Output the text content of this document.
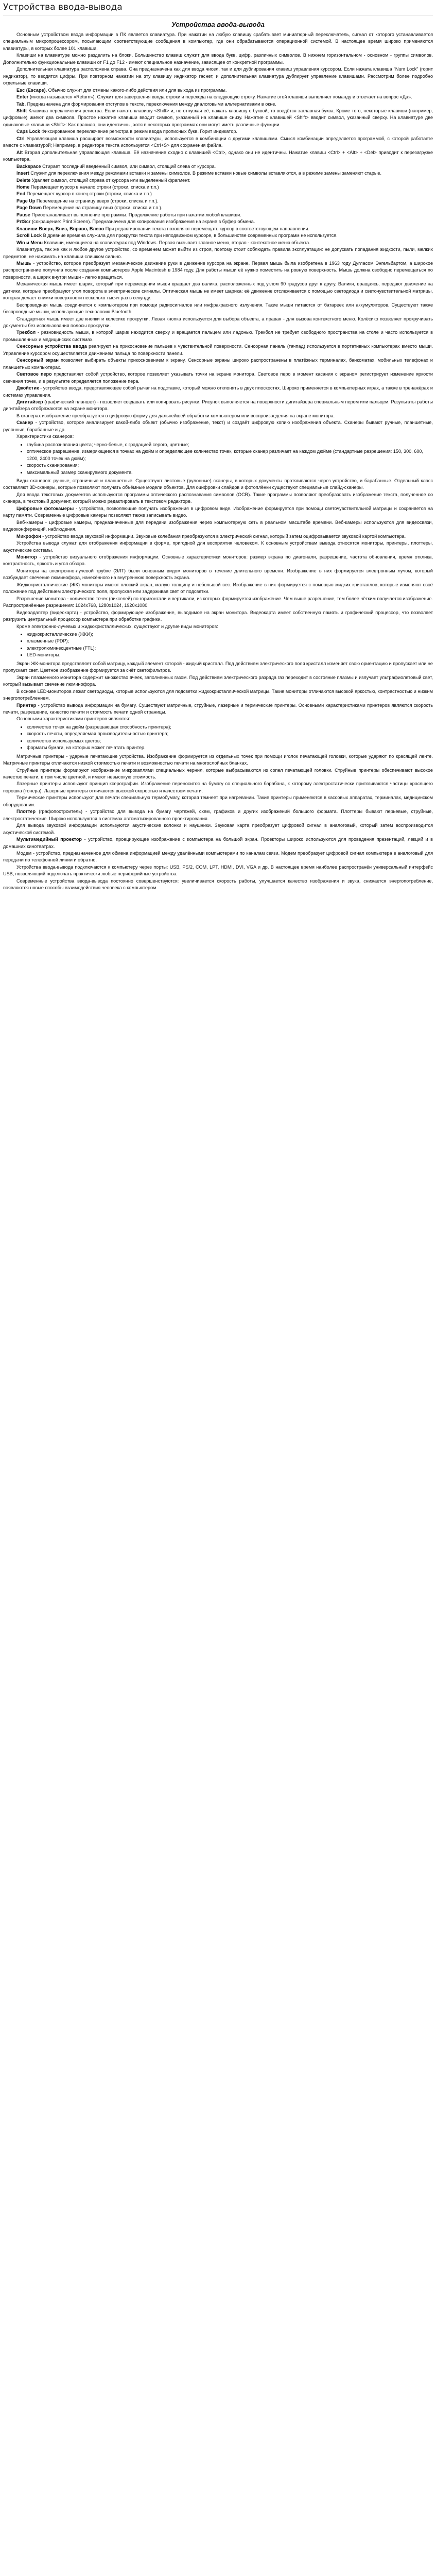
Устройства ввода-вывода
Устройства ввода-вывода

Основным устройством ввода информации в ПК является клавиатура. При нажатии на любую клавишу срабатывает миниатюрный переключатель, сигнал от которого устанавливается специальным микропроцессором, посылающим соответствующие сообщения в компьютер, где они обрабатываются операционной системой. В настоящее время широко применяются клавиатуры, в которых более 101 клавиши.

Клавиши на клавиатуре можно разделить на блоки. Большинство клавиш служит для ввода букв, цифр, различных символов. В нижнем горизонтальном - основном - группы символов. Дополнительно функциональные клавиши от F1 до F12 - имеют специальное назначение, зависящее от конкретной программы.

Дополнительная клавиатура расположена справа. Она предназначена как для ввода чисел, так и для дублирования клавиш управления курсором. Если нажата клавиша "Num Lock" (горит индикатор), то вводятся цифры. При повторном нажатии на эту клавишу индикатор гаснет, и дополнительная клавиатура дублирует управление клавишами. Рассмотрим более подробно отдельные клавиши.

Esc (Escape). Обычно служит для отмены какого-либо действия или для выхода из программы.

Enter (иногда называется «Return»). Служит для завершения ввода строки и перехода на следующую строку. Нажатие этой клавиши выполняет команду и отвечает на вопрос «Да».

Tab. Предназначена для формирования отступов в тексте, переключения между диалоговыми альтернативами в окне.

Shift Клавиша переключения регистра. Если нажать клавишу <Shift> и, не отпуская её, нажать клавишу с буквой, то введётся заглавная буква. Кроме того, некоторые клавиши (например, цифровые) имеют два символа. Простое нажатие клавиши вводит символ, указанный на клавише снизу. Нажатие с клавишей <Shift> вводит символ, указанный сверху. На клавиатуре две одинаковые клавиши <Shift>: Как правило, они идентичны, хотя в некоторых программах они могут иметь различные функции.

Caps Lock Фиксированное переключение регистра в режим ввода прописных букв. Горит индикатор.

Ctrl Управляющая клавиша расширяет возможности клавиатуры, используется в комбинации с другими клавишами. Смысл комбинации определяется программой, с которой работаете вместе с клавиатурой; Например, в редакторе текста используется <Ctrl+S> для сохранения файла.

Alt Вторая дополнительная управляющая клавиша. Её назначение сходно с клавишей <Ctrl>, однако они не идентичны. Нажатие клавиш <Ctrl> + <Alt> + <Del> приводит к перезагрузке компьютера.

Backspace Стирает последний введённый символ, или символ, стоящий слева от курсора.

Insert Служит для переключения между режимами вставки и замены символов. В режиме вставки новые символы вставляются, а в режиме замены заменяют старые.

Delete Удаляет символ, стоящий справа от курсора или выделенный фрагмент.

Home Перемещает курсор в начало строки (строки, списка и т.п.)

End Перемещает курсор в конец строки (строки, списка и т.п.)

Page Up Перемещение на страницу вверх (строки, списка и т.п.).

Page Down Перемещение на страницу вниз (строки, списка и т.п.).

Pause Приостанавливает выполнение программы. Продолжение работы при нажатии любой клавиши.

PrtScr (сокращение: Print Screen). Предназначена для копирования изображения на экране в буфер обмена.

Клавиши Вверх, Вниз, Вправо, Влево При редактировании текста позволяют перемещать курсор в соответствующем направлении.

Scroll Lock В древние времена служила для прокрутки текста при неподвижном курсоре, в большинстве современных программ не используется.

Win и Menu Клавиши, имеющиеся на клавиатурах под Windows. Первая вызывает главное меню, вторая - контекстное меню объекта.

Клавиатура, так же как и любое другое устройство, со временем может выйти из строя, поэтому стоит соблюдать правила эксплуатации: не допускать попадания жидкости, пыли, мелких предметов, не нажимать на клавиши слишком сильно.

Мышь - устройство, которое преобразует механическое движение руки в движение курсора на экране. Первая мышь была изобретена в 1963 году Дугласом Энгельбартом, а широкое распространение получила после создания компьютеров Apple Macintosh в 1984 году. Для работы мыши её нужно поместить на ровную поверхность. Мышь должна свободно перемещаться по поверхности, а шарик внутри мыши - легко вращаться.

Механическая мышь имеет шарик, который при перемещении мыши вращает два валика, расположенных под углом 90 градусов друг к другу. Валики, вращаясь, передают движение на датчики, которые преобразуют угол поворота в электрические сигналы. Оптическая мышь не имеет шарика: её движение отслеживается с помощью светодиода и светочувствительной матрицы, которая делает снимки поверхности несколько тысяч раз в секунду.

Беспроводная мышь соединяется с компьютером при помощи радиосигналов или инфракрасного излучения. Такие мыши питаются от батареек или аккумуляторов. Существуют также беспроводные мыши, использующие технологию Bluetooth.

Стандартная мышь имеет две кнопки и колесико прокрутки. Левая кнопка используется для выбора объекта, а правая - для вызова контекстного меню. Колёсико позволяет прокручивать документы без использования полосы прокрутки.

Трекбол - разновидность мыши, в которой шарик находится сверху и вращается пальцем или ладонью. Трекбол не требует свободного пространства на столе и часто используется в промышленных и медицинских системах.

Сенсорные устройства ввода реагируют на прикосновение пальцев к чувствительной поверхности. Сенсорная панель (тачпад) используется в портативных компьютерах вместо мыши. Управление курсором осуществляется движением пальца по поверхности панели.

Сенсорный экран позволяет выбирать объекты прикосновением к экрану. Сенсорные экраны широко распространены в платёжных терминалах, банкоматах, мобильных телефонах и планшетных компьютерах.

Световое перо представляет собой устройство, которое позволяет указывать точки на экране монитора. Световое перо в момент касания с экраном регистрирует изменение яркости свечения точек, и в результате определяется положение пера.

Джойстик - устройство ввода, представляющее собой рычаг на подставке, который можно отклонять в двух плоскостях. Широко применяется в компьютерных играх, а также в тренажёрах и системах управления.

Дигитайзер (графический планшет) - позволяет создавать или копировать рисунки. Рисунок выполняется на поверхности дигитайзера специальным пером или пальцем. Результаты работы дигитайзера отображаются на экране монитора.

В сканерах изображение преобразуется в цифровую форму для дальнейшей обработки компьютером или воспроизведения на экране монитора.

Сканер - устройство, которое анализирует какой-либо объект (обычно изображение, текст) и создаёт цифровую копию изображения объекта. Сканеры бывают ручные, планшетные, рулонные, барабанные и др.

Характеристики сканеров:

• глубина распознавания цвета; черно-белые, с градацией серого, цветные;
• оптическое разрешение, измеряющееся в точках на дюйм и определяющее количество точек, которые сканер различает на каждом дюйме (стандартные разрешения: 150, 300, 600, 1200, 2400 точек на дюйм);
• скорость сканирования;
• максимальный размер сканируемого документа.

Виды сканеров: ручные, страничные и планшетные. Существуют листовые (рулонные) сканеры, в которых документы протягиваются через устройство, и барабанные. Отдельный класс составляют 3D-сканеры, которые позволяют получать объёмные модели объектов. Для оцифровки слайдов и фотоплёнки существуют специальные слайд-сканеры.

Для ввода текстовых документов используются программы оптического распознавания символов (OCR). Такие программы позволяют преобразовать изображение текста, полученное со сканера, в текстовый документ, который можно редактировать в текстовом редакторе.

Цифровые фотокамеры - устройства, позволяющие получать изображения в цифровом виде. Изображение формируется при помощи светочувствительной матрицы и сохраняется на карту памяти. Современные цифровые камеры позволяют также записывать видео.

Веб-камеры - цифровые камеры, предназначенные для передачи изображения через компьютерную сеть в реальном масштабе времени. Веб-камеры используются для видеосвязи, видеоконференций, наблюдения.

Микрофон - устройство ввода звуковой информации. Звуковые колебания преобразуются в электрический сигнал, который затем оцифровывается звуковой картой компьютера.

Устройства вывода служат для отображения информации в форме, пригодной для восприятия человеком. К основным устройствам вывода относятся мониторы, принтеры, плоттеры, акустические системы.

Монитор - устройство визуального отображения информации. Основные характеристики мониторов: размер экрана по диагонали, разрешение, частота обновления, время отклика, контрастность, яркость и угол обзора.

Мониторы на электронно-лучевой трубке (ЭЛТ) были основным видом мониторов в течение длительного времени. Изображение в них формируется электронным лучом, который возбуждает свечение люминофора, нанесённого на внутреннюю поверхность экрана.

Жидкокристаллические (ЖК) мониторы имеют плоский экран, малую толщину и небольшой вес. Изображение в них формируется с помощью жидких кристаллов, которые изменяют своё положение под действием электрического поля, пропуская или задерживая свет от подсветки.

Разрешение монитора - количество точек (пикселей) по горизонтали и вертикали, из которых формируется изображение. Чем выше разрешение, тем более чётким получается изображение. Распространённые разрешения: 1024x768, 1280x1024, 1920x1080.

Видеоадаптер (видеокарта) - устройство, формирующее изображение, выводимое на экран монитора. Видеокарта имеет собственную память и графический процессор, что позволяет разгрузить центральный процессор компьютера при обработке графики.

Кроме электронно-лучевых и жидкокристаллических, существуют и другие виды мониторов:

• жидкокристаллические (ЖКИ);
• плазменные (PDP);
• электролюминесцентные (FTL);
• LED-мониторы.

Экран ЖК-монитора представляет собой матрицу, каждый элемент которой - жидкий кристалл. Под действием электрического поля кристалл изменяет свою ориентацию и пропускает или не пропускает свет. Цветное изображение формируется за счёт светофильтров.

Экран плазменного монитора содержит множество ячеек, заполненных газом. Под действием электрического разряда газ переходит в состояние плазмы и излучает ультрафиолетовый свет, который вызывает свечение люминофора.

В основе LED-мониторов лежат светодиоды, которые используются для подсветки жидкокристаллической матрицы. Такие мониторы отличаются высокой яркостью, контрастностью и низким энергопотреблением.

Принтер - устройство вывода информации на бумагу. Существуют матричные, струйные, лазерные и термические принтеры. Основными характеристиками принтеров являются скорость печати, разрешение, качество печати и стоимость печати одной страницы.

Основными характеристиками принтеров являются:

• количество точек на дюйм (разрешающая способность принтера);
• скорость печати, определяемая производительностью принтера;
• количество используемых цветов;
• форматы бумаги, на которых может печатать принтер.

Матричные принтеры - ударные печатающие устройства. Изображение формируется из отдельных точек при помощи иголок печатающей головки, которые ударяют по красящей ленте. Матричные принтеры отличаются низкой стоимостью печати и возможностью печати на многослойных бланках.

Струйные принтеры формируют изображение микрокаплями специальных чернил, которые выбрасываются из сопел печатающей головки. Струйные принтеры обеспечивают высокое качество печати, в том числе цветной, и имеют невысокую стоимость.

Лазерные принтеры используют принцип ксерографии. Изображение переносится на бумагу со специального барабана, к которому электростатически притягиваются частицы красящего порошка (тонера). Лазерные принтеры отличаются высокой скоростью и качеством печати.

Термические принтеры используют для печати специальную термобумагу, которая темнеет при нагревании. Такие принтеры применяются в кассовых аппаратах, терминалах, медицинском оборудовании.

Плоттер (графопостроитель) - устройство для вывода на бумагу чертежей, схем, графиков и других изображений большого формата. Плоттеры бывают перьевые, струйные, электростатические. Широко используются в системах автоматизированного проектирования.

Для вывода звуковой информации используются акустические колонки и наушники. Звуковая карта преобразует цифровой сигнал в аналоговый, который затем воспроизводится акустической системой.

Мультимедийный проектор - устройство, проецирующее изображение с компьютера на большой экран. Проекторы широко используются для проведения презентаций, лекций и в домашних кинотеатрах.

Модем - устройство, предназначенное для обмена информацией между удалёнными компьютерами по каналам связи. Модем преобразует цифровой сигнал компьютера в аналоговый для передачи по телефонной линии и обратно.

Устройства ввода-вывода подключаются к компьютеру через порты: USB, PS/2, COM, LPT, HDMI, DVI, VGA и др. В настоящее время наиболее распространён универсальный интерфейс USB, позволяющий подключать практически любые периферийные устройства.

Современные устройства ввода-вывода постоянно совершенствуются: увеличивается скорость работы, улучшается качество изображения и звука, снижается энергопотребление, появляются новые способы взаимодействия человека с компьютером.
